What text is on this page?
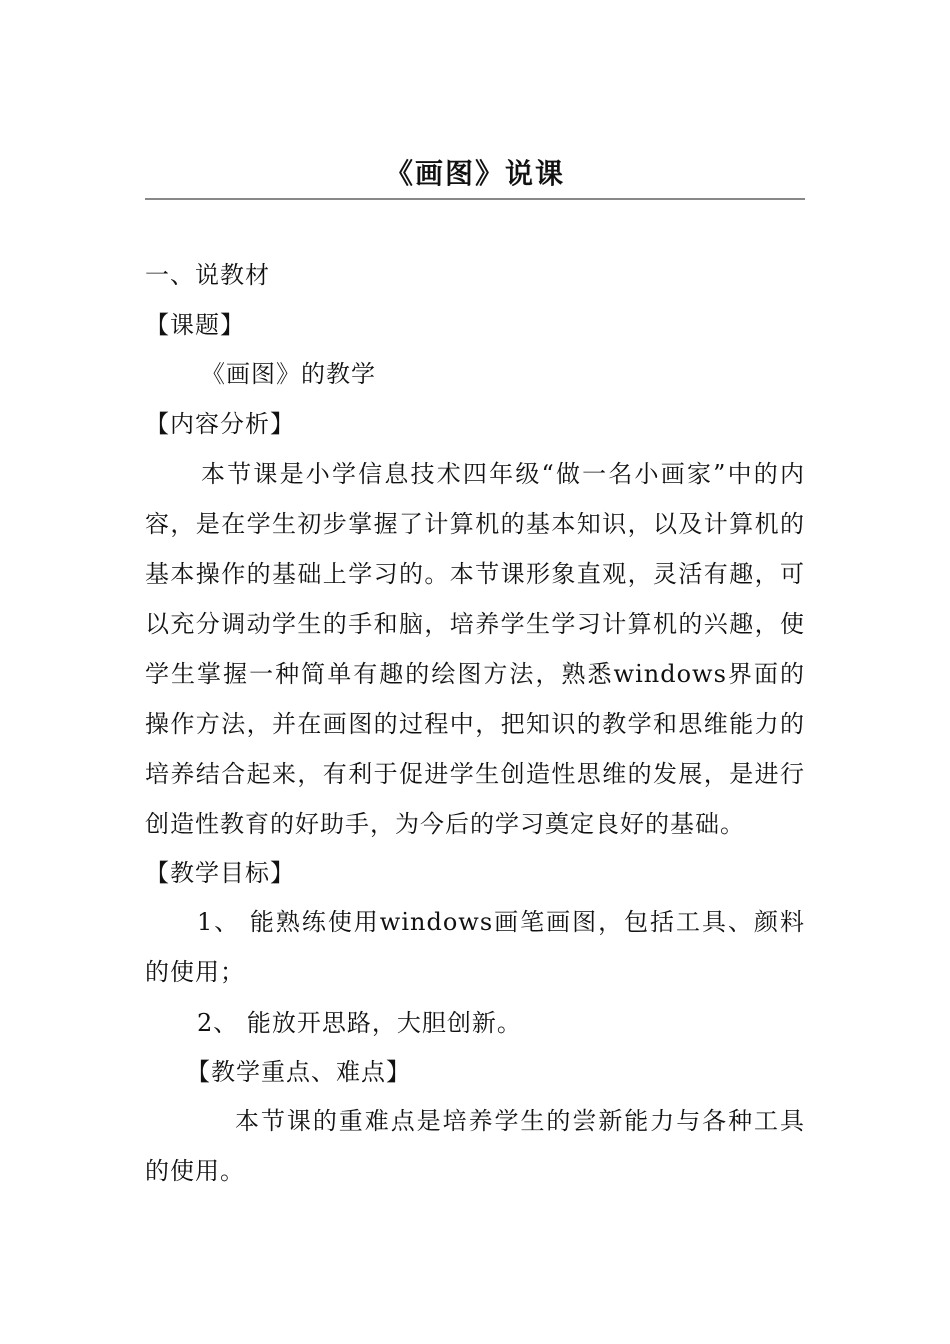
《画图》说课
一、说教材
【课题】
《画图》的教学
【内容分析】
本节课是小学信息技术四年级“做一名小画家”中的内容，是在学生初步掌握了计算机的基本知识，以及计算机的基本操作的基础上学习的。本节课形象直观，灵活有趣，可以充分调动学生的手和脑，培养学生学习计算机的兴趣，使学生掌握一种简单有趣的绘图方法，熟悉windows界面的操作方法，并在画图的过程中，把知识的教学和思维能力的培养结合起来，有利于促进学生创造性思维的发展，是进行创造性教育的好助手，为今后的学习奠定良好的基础。
【教学目标】
1、 能熟练使用windows画笔画图，包括工具、颜料的使用；
2、 能放开思路，大胆创新。
【教学重点、难点】
本节课的重难点是培养学生的尝新能力与各种工具的使用。
